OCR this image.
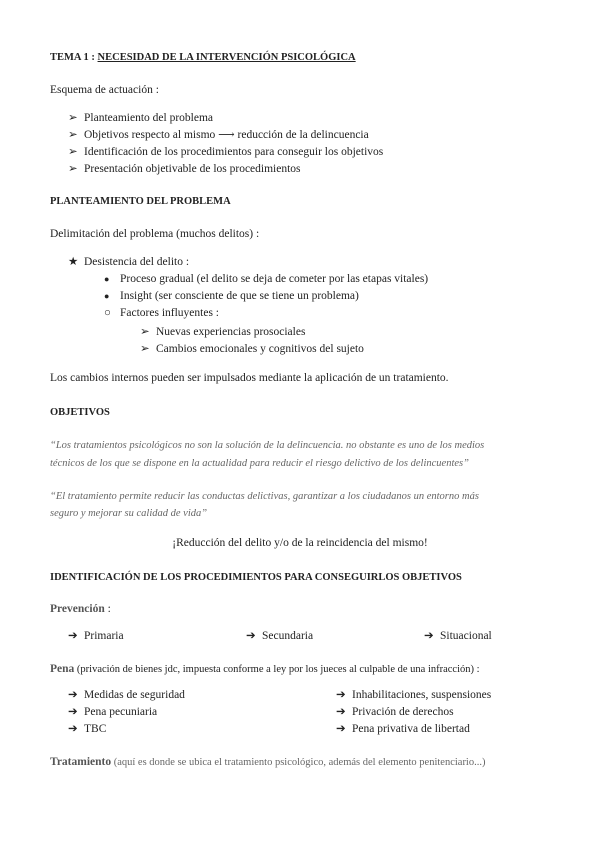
TEMA 1 : NECESIDAD DE LA INTERVENCIÓN PSICOLÓGICA
Esquema de actuación :
➢ Planteamiento del problema
➢ Objetivos respecto al mismo ⟶ reducción de la delincuencia
➢ Identificación de los procedimientos para conseguir los objetivos
➢ Presentación objetivable de los procedimientos
PLANTEAMIENTO DEL PROBLEMA
Delimitación del problema (muchos delitos) :
★ Desistencia del delito :
● Proceso gradual (el delito se deja de cometer por las etapas vitales)
● Insight (ser consciente de que se tiene un problema)
○ Factores influyentes :
➢ Nuevas experiencias prosociales
➢ Cambios emocionales y cognitivos del sujeto
Los cambios internos pueden ser impulsados mediante la aplicación de un tratamiento.
OBJETIVOS
“Los tratamientos psicológicos no son la solución de la delincuencia. no obstante es uno de los medios
técnicos de los que se dispone en la actualidad para reducir el riesgo delictivo de los delincuentes”
“El tratamiento permite reducir las conductas delictivas, garantizar a los ciudadanos un entorno más
seguro y mejorar su calidad de vida”
¡Reducción del delito y/o de la reincidencia del mismo!
IDENTIFICACIÓN DE LOS PROCEDIMIENTOS PARA CONSEGUIRLOS OBJETIVOS
Prevención :
➔ Primaria	➔ Secundaria	➔ Situacional
Pena (privación de bienes jdc, impuesta conforme a ley por los jueces al culpable de una infracción) :
➔ Medidas de seguridad
➔ Pena pecuniaria
➔ TBC
➔ Inhabilitaciones, suspensiones
➔ Privación de derechos
➔ Pena privativa de libertad
Tratamiento (aquí es donde se ubica el tratamiento psicológico, además del elemento penitenciario...)
